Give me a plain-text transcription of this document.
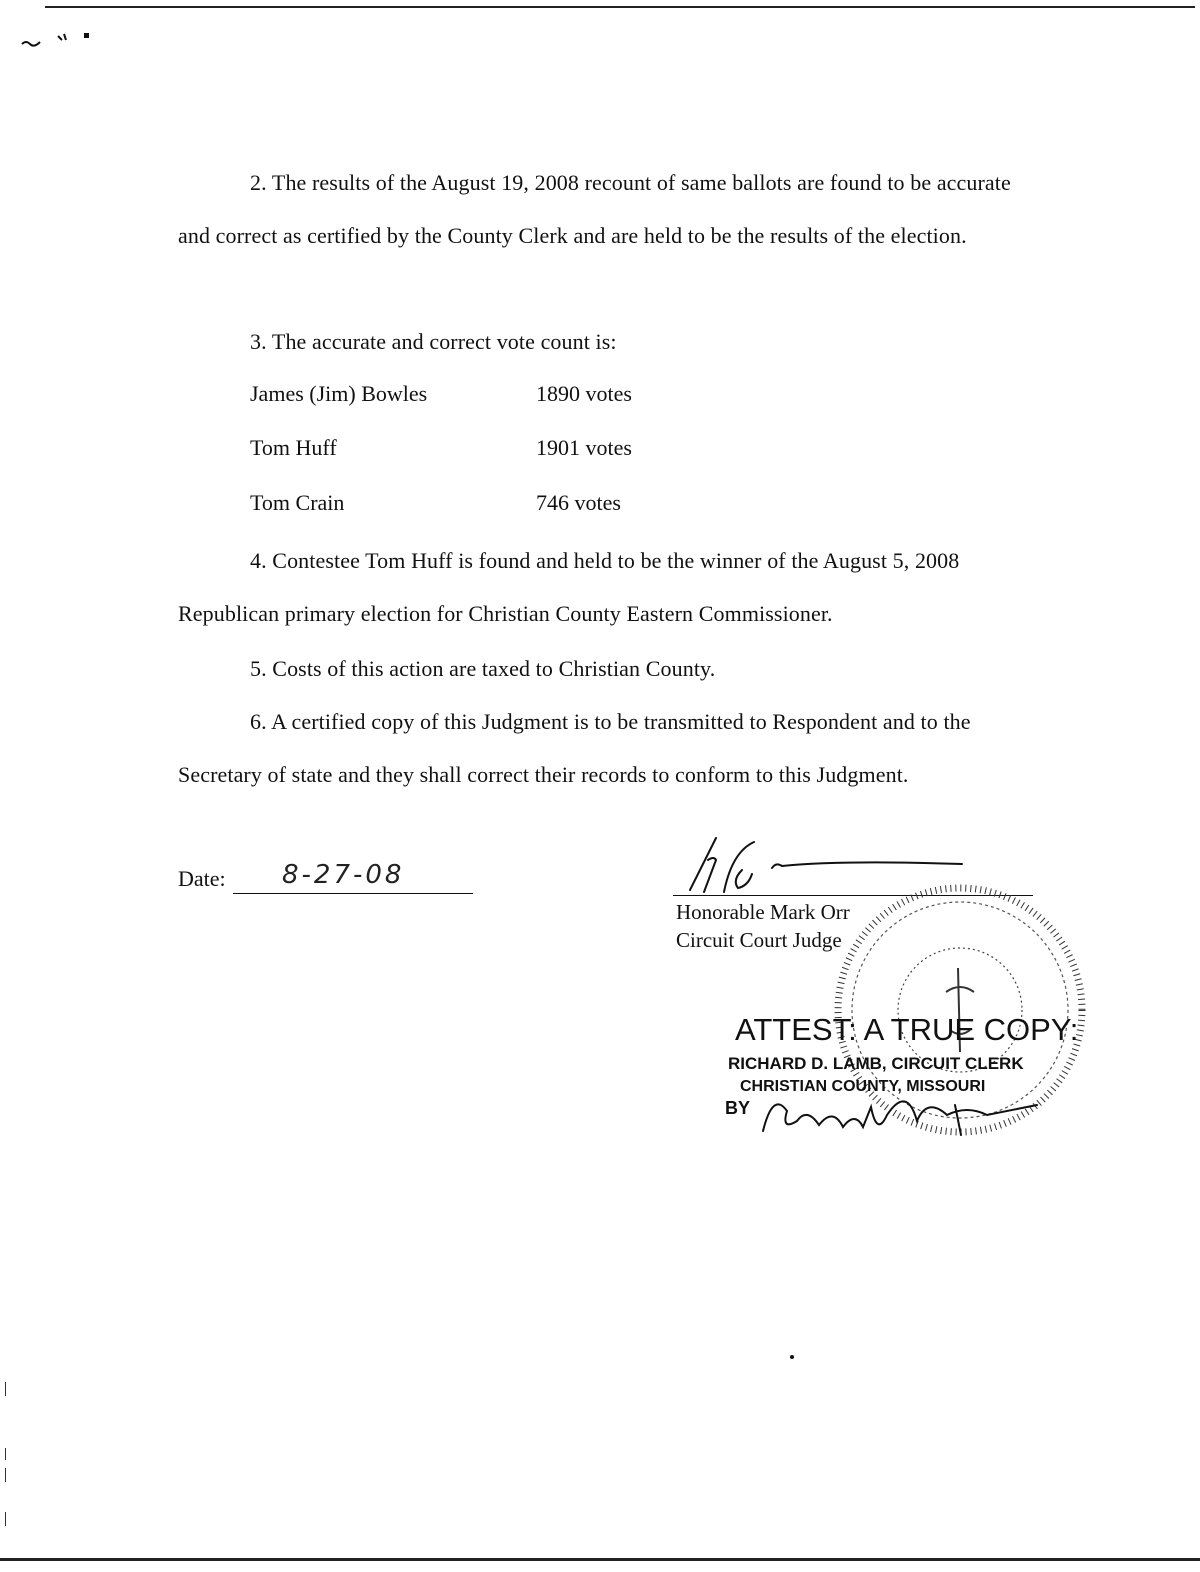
2. The results of the August 19, 2008 recount of same ballots are found to be accurate and correct as certified by the County Clerk and are held to be the results of the election.
3. The accurate and correct vote count is:
James (Jim) Bowles	1890 votes
Tom Huff	1901 votes
Tom Crain	746 votes
4. Contestee Tom Huff is found and held to be the winner of the August 5, 2008 Republican primary election for Christian County Eastern Commissioner.
5. Costs of this action are taxed to Christian County.
6. A certified copy of this Judgment is to be transmitted to Respondent and to the Secretary of state and they shall correct their records to conform to this Judgment.
Date: 8-27-08
Honorable Mark Orr
Circuit Court Judge
ATTEST: A TRUE COPY:
RICHARD D. LAMB, CIRCUIT CLERK
CHRISTIAN COUNTY, MISSOURI
BY
